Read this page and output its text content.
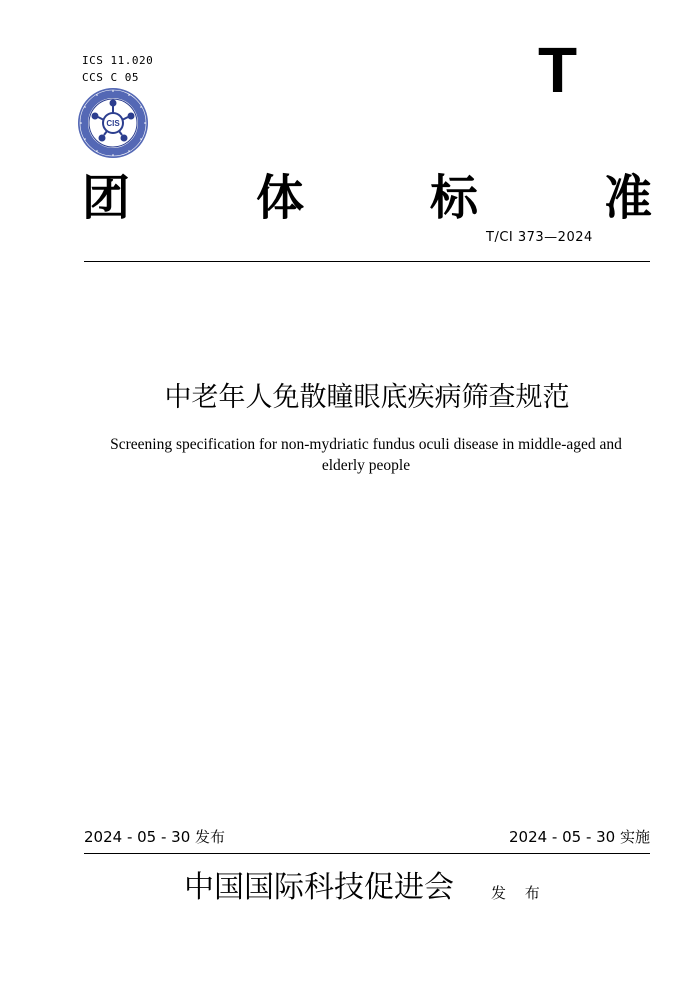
ICS 11.020
CCS C 05	T
CIS
团	体	标	准
T/CI 373—2024
中老年人免散瞳眼底疾病筛查规范
Screening specification for non-mydriatic fundus oculi disease in middle-aged and elderly people
2024 - 05 - 30 发布	2024 - 05 - 30 实施
中国国际科技促进会 发 布
